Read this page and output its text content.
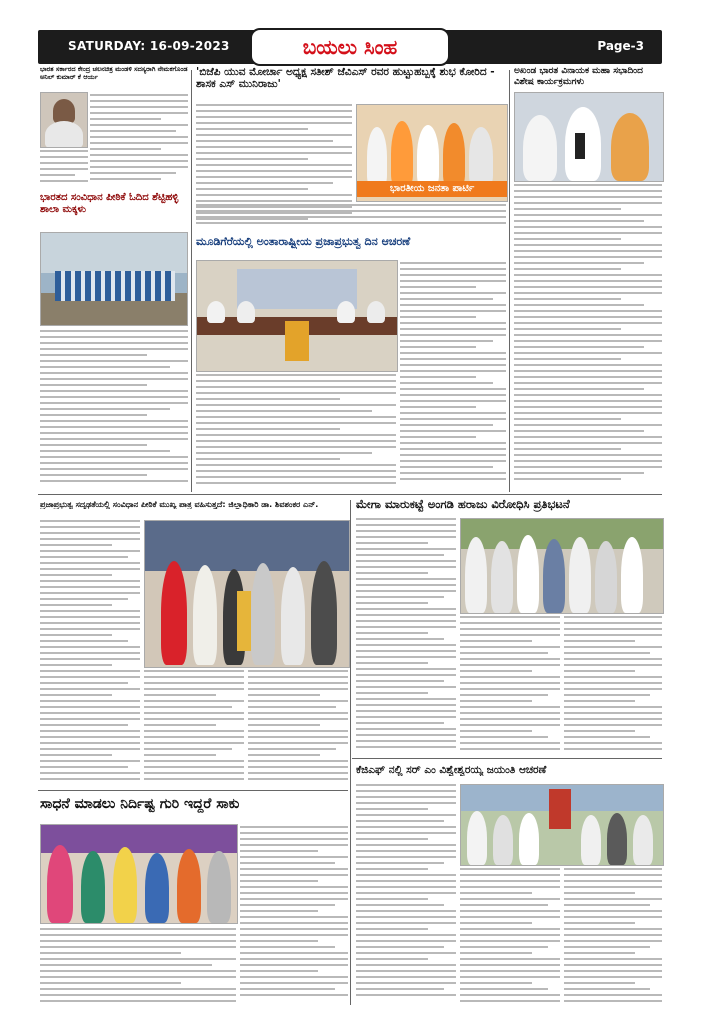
SATURDAY: 16-09-2023	ಬಯಲು ಸಿಂಹ	Page-3
ಭಾರತ ಸರ್ಕಾರದ ಕೇಂದ್ರ ಚಲನಚಿತ್ರ ಮಂಡಳಿ ಸದಸ್ಯರಾಗಿ ನೇಮಕಗೊಂಡ ಅನಿಲ್ ಕುಮಾರ್ ಕೆ ಆರ್ಯ
ಭಾರತದ ಸಂವಿಧಾನ ಪೀಠಿಕೆ ಓದಿದ ಶೆಟ್ಟಿಹಳ್ಳಿ ಶಾಲಾ ಮಕ್ಕಳು
'ಬಿಜೆಪಿ ಯುವ ಮೋರ್ಚಾ ಅಧ್ಯಕ್ಷ ಸತೀಶ್ ಜೆವಿಎಸ್ ರವರ ಹುಟ್ಟುಹಬ್ಬಕ್ಕೆ ಶುಭ ಕೋರಿದ - ಶಾಸಕ ಎಸ್ ಮುನಿರಾಜು'
ಭಾರತೀಯ ಜನತಾ ಪಾರ್ಟಿ
ಮೂಡಿಗೆರೆಯಲ್ಲಿ ಅಂತಾರಾಷ್ಟ್ರೀಯ ಪ್ರಜಾಪ್ರಭುತ್ವ ದಿನ ಆಚರಣೆ
ಅಖಂಡ ಭಾರತ ವಿನಾಯಕ ಮಹಾ ಸಭಾದಿಂದ ವಿಶೇಷ ಕಾರ್ಯಕ್ರಮಗಳು
ಪ್ರಜಾಪ್ರಭುತ್ವ ಸದೃಢತೆಯಲ್ಲಿ ಸಂವಿಧಾನ ಪೀಠಿಕೆ ಮುಖ್ಯ ಪಾತ್ರ ವಹಿಸುತ್ತದೆ: ಜಿಲ್ಲಾಧಿಕಾರಿ ಡಾ. ಶಿವಶಂಕರ ಎನ್.
ಸಾಧನೆ ಮಾಡಲು ನಿರ್ದಿಷ್ಟ ಗುರಿ ಇದ್ದರೆ ಸಾಕು
ಮೇಗಾ ಮಾರುಕಟ್ಟೆ ಅಂಗಡಿ ಹರಾಜು ವಿರೋಧಿಸಿ ಪ್ರತಿಭಟನೆ
ಕೆಜಿಎಫ್ ನಲ್ಲಿ ಸರ್ ಎಂ ವಿಶ್ವೇಶ್ವರಯ್ಯ ಜಯಂತಿ ಆಚರಣೆ
